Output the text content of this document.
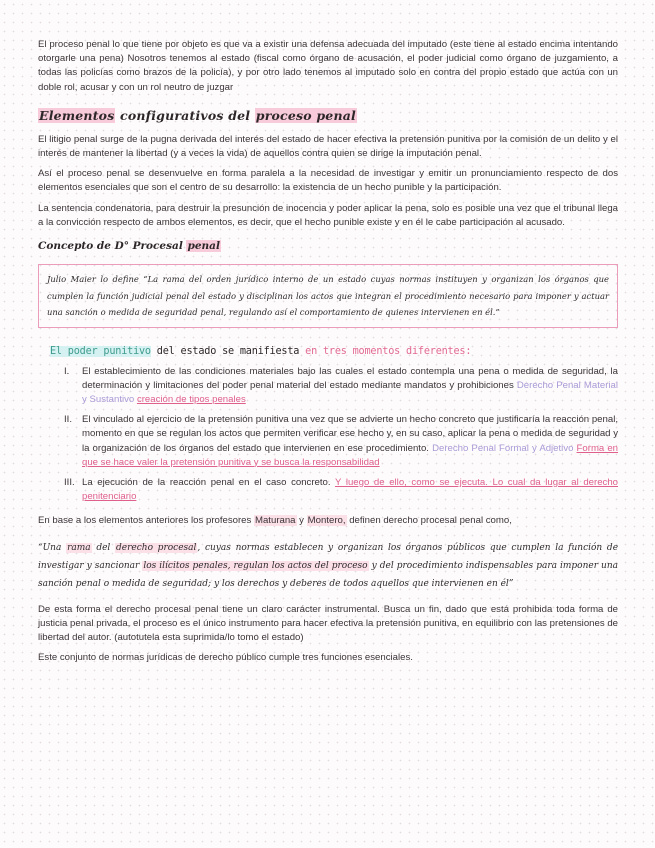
El proceso penal lo que tiene por objeto es que va a existir una defensa adecuada del imputado (este tiene al estado encima intentando otorgarle una pena) Nosotros tenemos al estado (fiscal como órgano de acusación, el poder judicial como órgano de juzgamiento, a todas las policías como brazos de la policía), y por otro lado tenemos al imputado solo en contra del propio estado que actúa con un doble rol, acusar y con un rol neutro de juzgar

Elementos configurativos del proceso penal

El litigio penal surge de la pugna derivada del interés del estado de hacer efectiva la pretensión punitiva por la comisión de un delito y el interés de mantener la libertad (y a veces la vida) de aquellos contra quien se dirige la imputación penal.

Así el proceso penal se desenvuelve en forma paralela a la necesidad de investigar y emitir un pronunciamiento respecto de dos elementos esenciales que son el centro de su desarrollo: la existencia de un hecho punible y la participación.

La sentencia condenatoria, para destruir la presunción de inocencia y poder aplicar la pena, solo es posible una vez que el tribunal llega a la convicción respecto de ambos elementos, es decir, que el hecho punible existe y en él le cabe participación al acusado.

Concepto de D° Procesal penal
Julio Maier lo define “La rama del orden jurídico interno de un estado cuyas normas instituyen y organizan los órganos que cumplen la función judicial penal del estado y disciplinan los actos que integran el procedimiento necesario para imponer y actuar una sanción o medida de seguridad penal, regulando así el comportamiento de quienes intervienen en él.”
El poder punitivo del estado se manifiesta en tres momentos diferentes:
I.	El establecimiento de las condiciones materiales bajo las cuales el estado contempla una pena o medida de seguridad, la determinación y limitaciones del poder penal material del estado mediante mandatos y prohibiciones Derecho Penal Material y Sustantivo creación de tipos penales

II.	El vinculado al ejercicio de la pretensión punitiva una vez que se advierte un hecho concreto que justificaría la reacción penal, momento en que se regulan los actos que permiten verificar ese hecho y, en su caso, aplicar la pena o medida de seguridad y la organización de los órganos del estado que intervienen en ese procedimiento. Derecho Penal Formal y Adjetivo Forma en que se hace valer la pretensión punitiva y se busca la responsabilidad

III. La ejecución de la reacción penal en el caso concreto. Y luego de ello, como se ejecuta. Lo cual da lugar al derecho penitenciario

En base a los elementos anteriores los profesores Maturana y Montero, definen derecho procesal penal como,

“Una rama del derecho procesal, cuyas normas establecen y organizan los órganos públicos que cumplen la función de investigar y sancionar los ilícitos penales, regulan los actos del proceso y del procedimiento indispensables para imponer una sanción penal o medida de seguridad; y los derechos y deberes de todos aquellos que intervienen en él”

De esta forma el derecho procesal penal tiene un claro carácter instrumental. Busca un fin, dado que está prohibida toda forma de justicia penal privada, el proceso es el único instrumento para hacer efectiva la pretensión punitiva, en equilibrio con las pretensiones de libertad del autor. (autotutela esta suprimida/lo tomo el estado)

Este conjunto de normas jurídicas de derecho público cumple tres funciones esenciales.
